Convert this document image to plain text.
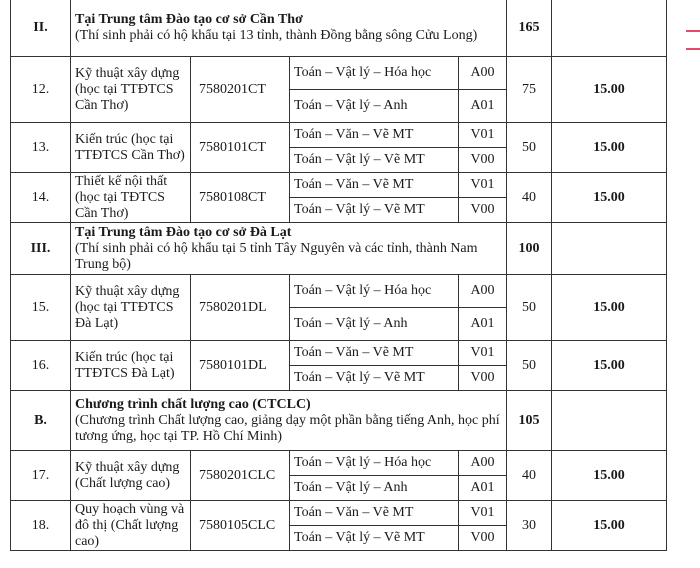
II.	Tại Trung tâm Đào tạo cơ sở Cần Thơ
(Thí sinh phải có hộ khẩu tại 13 tỉnh, thành Đồng bằng sông Cửu Long)				165	
12.	Kỹ thuật xây dựng (học tại TTĐTCS Cần Thơ)	7580201CT	Toán – Vật lý – Hóa học	A00	75	15.00
			Toán – Vật lý – Anh	A01		
13.	Kiến trúc (học tại TTĐTCS Cần Thơ)	7580101CT	Toán – Văn – Vẽ MT	V01	50	15.00
			Toán – Vật lý – Vẽ MT	V00		
14.	Thiết kế nội thất (học tại TĐTCS Cần Thơ)	7580108CT	Toán – Văn – Vẽ MT	V01	40	15.00
			Toán – Vật lý – Vẽ MT	V00		
III.	Tại Trung tâm Đào tạo cơ sở Đà Lạt
(Thí sinh phải có hộ khẩu tại 5 tỉnh Tây Nguyên và các tỉnh, thành Nam Trung bộ)				100	
15.	Kỹ thuật xây dựng (học tại TTĐTCS Đà Lạt)	7580201DL	Toán – Vật lý – Hóa học	A00	50	15.00
			Toán – Vật lý – Anh	A01		
16.	Kiến trúc (học tại TTĐTCS Đà Lạt)	7580101DL	Toán – Văn – Vẽ MT	V01	50	15.00
			Toán – Vật lý – Vẽ MT	V00		
B.	Chương trình chất lượng cao (CTCLC)
(Chương trình Chất lượng cao, giảng dạy một phần bằng tiếng Anh, học phí tương ứng, học tại TP. Hồ Chí Minh)				105	
17.	Kỹ thuật xây dựng (Chất lượng cao)	7580201CLC	Toán – Vật lý – Hóa học	A00	40	15.00
			Toán – Vật lý – Anh	A01		
18.	Quy hoạch vùng và đô thị (Chất lượng cao)	7580105CLC	Toán – Văn – Vẽ MT	V01	30	15.00
			Toán – Vật lý – Vẽ MT	V00		
